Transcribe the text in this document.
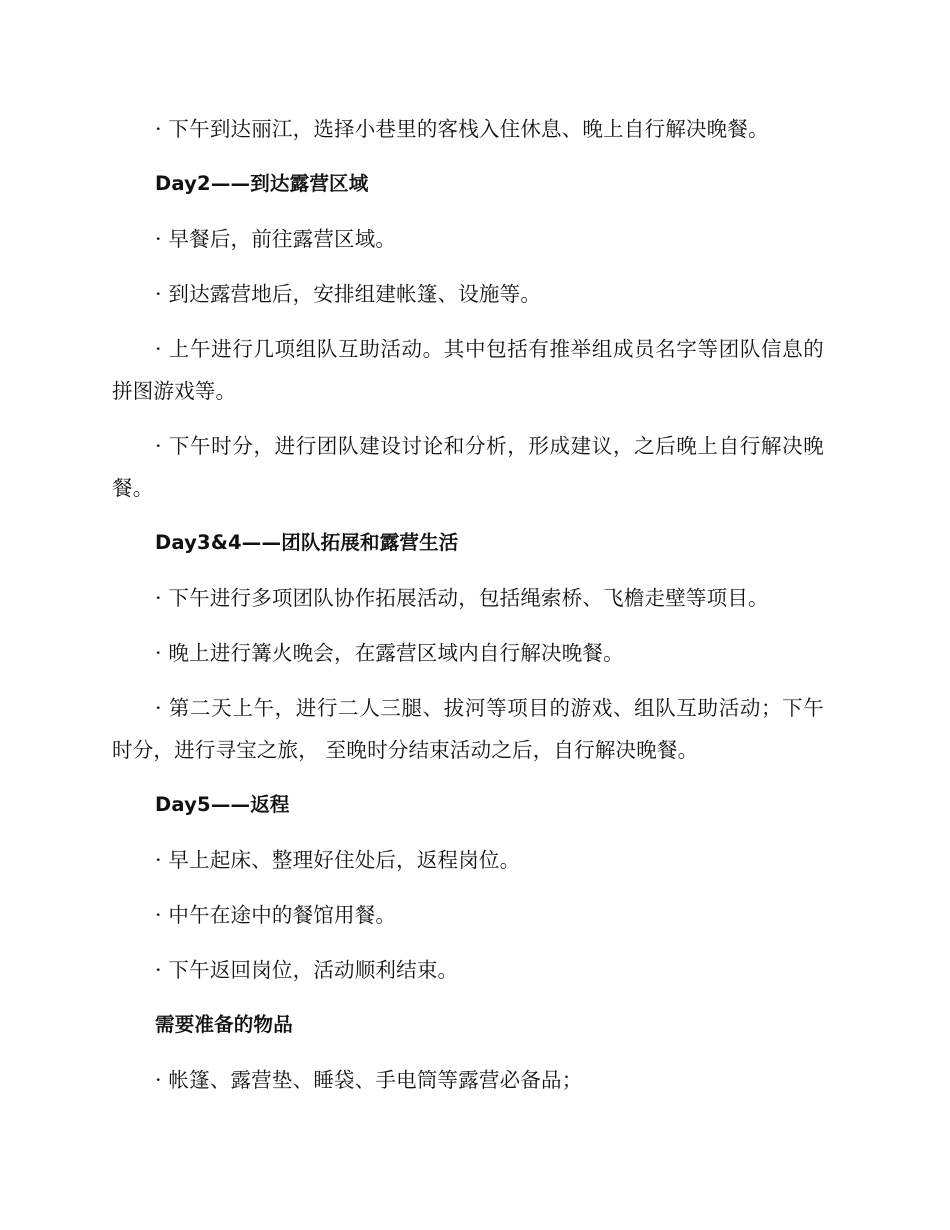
· 下午到达丽江，选择小巷里的客栈入住休息、晚上自行解决晚餐。

Day2——到达露营区域

· 早餐后，前往露营区域。

· 到达露营地后，安排组建帐篷、设施等。

· 上午进行几项组队互助活动。其中包括有推举组成员名字等团队信息的拼图游戏等。

· 下午时分，进行团队建设讨论和分析，形成建议，之后晚上自行解决晚餐。

Day3&4——团队拓展和露营生活

· 下午进行多项团队协作拓展活动，包括绳索桥、飞檐走壁等项目。

· 晚上进行篝火晚会，在露营区域内自行解决晚餐。

· 第二天上午，进行二人三腿、拔河等项目的游戏、组队互助活动；下午时分，进行寻宝之旅， 至晚时分结束活动之后，自行解决晚餐。

Day5——返程

· 早上起床、整理好住处后，返程岗位。

· 中午在途中的餐馆用餐。

· 下午返回岗位，活动顺利结束。

需要准备的物品

· 帐篷、露营垫、睡袋、手电筒等露营必备品；
